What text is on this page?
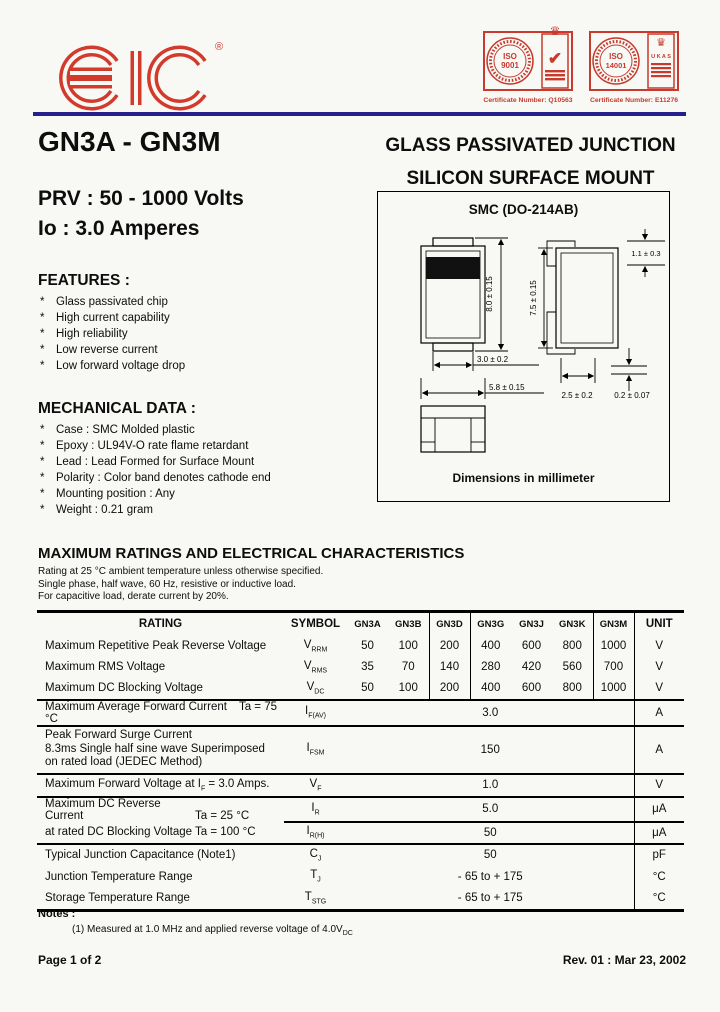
®
ISO
9001
♛
✔
Certificate Number: Q10563
ISO
14001
♛
U K A S
Certificate Number: E11276
GN3A - GN3M	GLASS PASSIVATED JUNCTION
SILICON SURFACE MOUNT
PRV : 50 - 1000 Volts
Io : 3.0 Amperes
FEATURES :
*	Glass passivated chip
*	High current capability
*	High reliability
*	Low reverse current
*	Low forward voltage drop
MECHANICAL DATA :
*	Case : SMC Molded plastic
*	Epoxy : UL94V-O rate flame retardant
*	Lead : Lead Formed for Surface Mount
*	Polarity : Color band denotes cathode end
*	Mounting position : Any
*	Weight : 0.21 gram
SMC (DO-214AB)
8.0 ± 0.15
3.0 ± 0.2
5.8 ± 0.15
7.5 ± 0.15
1.1 ± 0.3
2.5 ± 0.2	0.2 ± 0.07
Dimensions in millimeter
MAXIMUM RATINGS AND ELECTRICAL CHARACTERISTICS
Rating at 25 °C ambient temperature unless otherwise specified.
Single phase, half wave, 60 Hz, resistive or inductive load.
For capacitive load, derate current by 20%.
RATING	SYMBOL	GN3A	GN3B	GN3D	GN3G	GN3J	GN3K	GN3M	UNIT
Maximum Repetitive Peak Reverse Voltage	$V_{RRM}$	50	100	200	400	600	800	1000	V
Maximum RMS Voltage	$V_{RMS}$	35	70	140	280	420	560	700	V
Maximum DC Blocking Voltage	$V_{DC}$	50	100	200	400	600	800	1000	V
Maximum Average Forward Current Ta = 75 °C	$I_{F(AV)}$	3.0							A

Peak Forward Surge Current
8.3ms Single half sine wave Superimposed
on rated load (JEDEC Method)	$I_{FSM}$	150							A
Maximum Forward Voltage at $I_F = 3.0$ Amps.	$V_F$	1.0							V
Maximum DC Reverse Current Ta = 25 °C	$I_R$	5.0							μA
at rated DC Blocking Voltage Ta = 100 °C	$I_{R(H)}$	50							μA
Typical Junction Capacitance (Note1)	$C_J$	50							pF
Junction Temperature Range	$T_J$	- 65 to + 175							°C
Storage Temperature Range	$T_{STG}$	- 65 to + 175							°C
Notes :
(1) Measured at 1.0 MHz and applied reverse voltage of $4.0V_{DC}$
Page 1 of 2	Rev. 01 : Mar 23, 2002
